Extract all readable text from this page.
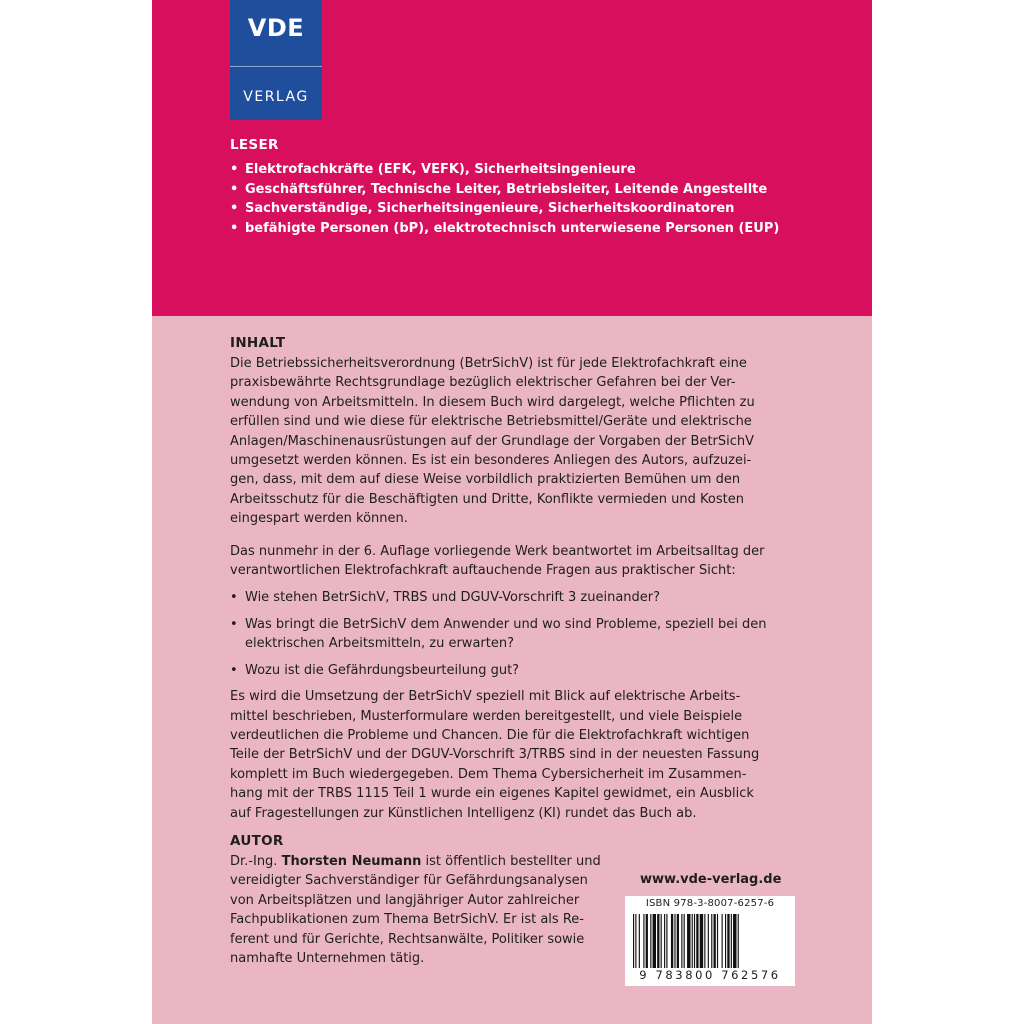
VDE
VERLAG
LESER
• Elektrofachkräfte (EFK, VEFK), Sicherheitsingenieure
• Geschäftsführer, Technische Leiter, Betriebsleiter, Leitende Angestellte
• Sachverständige, Sicherheitsingenieure, Sicherheitskoordinatoren
• befähigte Personen (bP), elektrotechnisch unterwiesene Personen (EUP)
INHALT

Die Betriebssicherheitsverordnung (BetrSichV) ist für jede Elektrofachkraft eine
praxisbewährte Rechtsgrundlage bezüglich elektrischer Gefahren bei der Ver-
wendung von Arbeitsmitteln. In diesem Buch wird dargelegt, welche Pflichten zu
erfüllen sind und wie diese für elektrische Betriebsmittel/Geräte und elektrische
Anlagen/Maschinenausrüstungen auf der Grundlage der Vorgaben der BetrSichV
umgesetzt werden können. Es ist ein besonderes Anliegen des Autors, aufzuzei-
gen, dass, mit dem auf diese Weise vorbildlich praktizierten Bemühen um den
Arbeitsschutz für die Beschäftigten und Dritte, Konflikte vermieden und Kosten
eingespart werden können.

Das nunmehr in der 6. Auflage vorliegende Werk beantwortet im Arbeitsalltag der
verantwortlichen Elektrofachkraft auftauchende Fragen aus praktischer Sicht:

• Wie stehen BetrSichV, TRBS und DGUV-Vorschrift 3 zueinander?
• Was bringt die BetrSichV dem Anwender und wo sind Probleme, speziell bei den
elektrischen Arbeitsmitteln, zu erwarten?
• Wozu ist die Gefährdungsbeurteilung gut?

Es wird die Umsetzung der BetrSichV speziell mit Blick auf elektrische Arbeits-
mittel beschrieben, Musterformulare werden bereitgestellt, und viele Beispiele
verdeutlichen die Probleme und Chancen. Die für die Elektrofachkraft wichtigen
Teile der BetrSichV und der DGUV-Vorschrift 3/TRBS sind in der neuesten Fassung
komplett im Buch wiedergegeben. Dem Thema Cybersicherheit im Zusammen-
hang mit der TRBS 1115 Teil 1 wurde ein eigenes Kapitel gewidmet, ein Ausblick
auf Fragestellungen zur Künstlichen Intelligenz (KI) rundet das Buch ab.

AUTOR

Dr.-Ing. Thorsten Neumann ist öffentlich bestellter und
vereidigter Sachverständiger für Gefährdungsanalysen
von Arbeitsplätzen und langjähriger Autor zahlreicher
Fachpublikationen zum Thema BetrSichV. Er ist als Re-
ferent und für Gerichte, Rechtsanwälte, Politiker sowie
namhafte Unternehmen tätig.

www.vde-verlag.de
ISBN 978-3-8007-6257-6
9 783800 762576
